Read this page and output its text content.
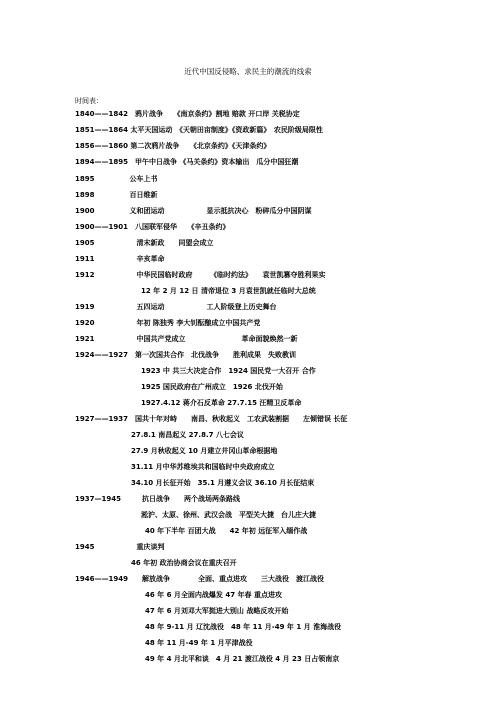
近代中国反侵略、求民主的潮流的线索
时间表：
1840——1842　鸦片战争　　《南京条约》割地 赔款 开口岸 关税协定
1851——1864 太平天国运动　《天朝田亩制度》《资政新篇》　农民阶级局限性
1856——1860 第二次鸦片战争　　《北京条约》《天津条约》
1894——1895　甲午中日战争 《马关条约》资本输出　瓜分中国狂潮
1895　　　　　公车上书
1898　　　　　百日维新
1900　　　　　义和团运动　　　　　　显示抵抗决心　粉碎瓜分中国阴谋
1900——1901　八国联军侵华　　《辛丑条约》
1905　　　　　　清末新政　　同盟会成立
1911　　　　　　辛亥革命
1912　　　　　　中华民国临时政府　　　《临时约法》　　袁世凯篡夺胜利果实
12 年 2 月 12 日 清帝退位 3 月袁世凯就任临时大总统
1919　　　　　　五四运动　　　　　　工人阶级登上历史舞台
1920　　　　　　年初 陈独秀 李大钊酝酿成立中国共产党
1921　　　　　　中国共产党成立　　　　　　　　革命面貌焕然一新
1924——1927　第一次国共合作　北伐战争　　胜利成果　失败教训
1923 中 共三大决定合作　1924 国民党一大召开 合作
1925 国民政府在广州成立　1926 北伐开始
1927.4.12 蒋介石反革命 27.7.15 汪精卫反革命
1927——1937　国共十年对峙　　南昌、秋收起义　工农武装割据　　左倾错误 长征
27.8.1 南昌起义 27.8.7 八七会议
27.9 月秋收起义 10 月建立井冈山革命根据地
31.11 月中华苏维埃共和国临时中央政府成立
34.10 月长征开始　35.1 月遵义会议 36.10 月长征结束
1937—1945　　　抗日战争　　两个战场两条路线
淞沪、太原、徐州、武汉会战　平型关大捷　台儿庄大捷
40 年下半年 百团大战　　42 年初 远征军入缅作战
1945　　　　　　重庆谈判
46 年初 政治协商会议在重庆召开
1946——1949　　解放战争　　　　全面、重点进攻　　三大战役　渡江战役
46 年 6 月全面内战爆发 47 年春 重点进攻
47 年 6 月刘邓大军挺进大别山 战略反攻开始
48 年 9-11 月 辽沈战役　48 年 11 月-49 年 1 月 淮海战役
48 年 11 月-49 年 1 月平津战役
49 年 4 月北平和谈　4 月 21 渡江战役 4 月 23 日占领南京
